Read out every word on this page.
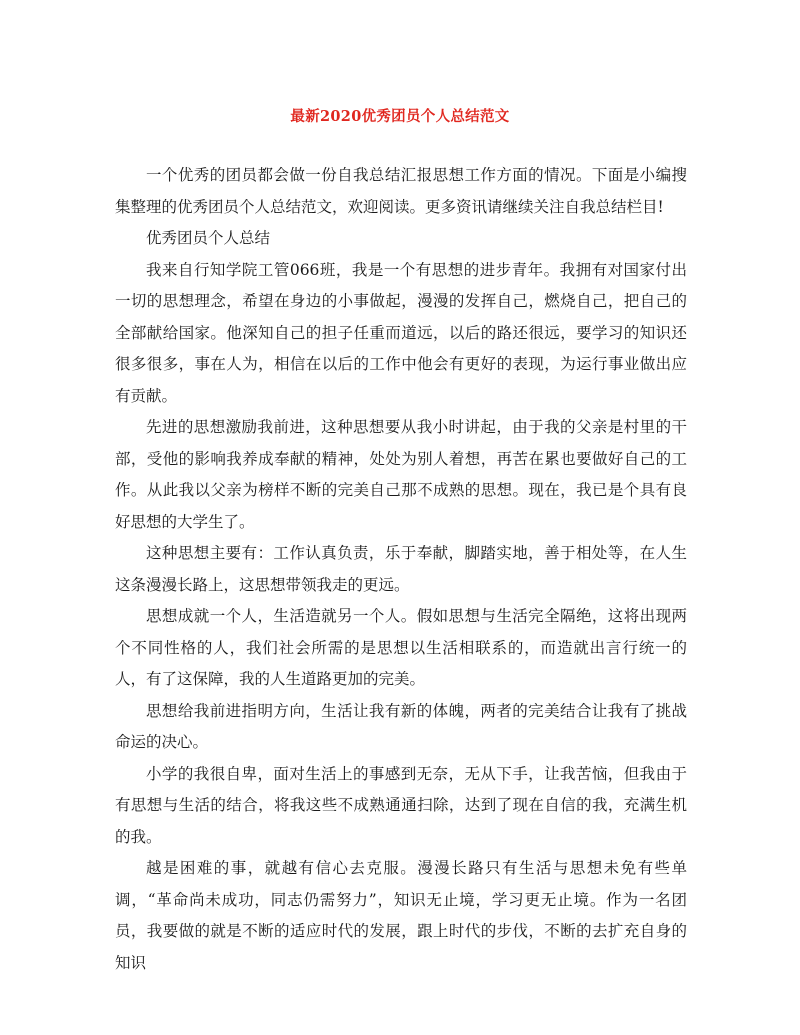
最新2020优秀团员个人总结范文

一个优秀的团员都会做一份自我总结汇报思想工作方面的情况。下面是小编搜集整理的优秀团员个人总结范文，欢迎阅读。更多资讯请继续关注自我总结栏目!

优秀团员个人总结

我来自行知学院工管066班，我是一个有思想的进步青年。我拥有对国家付出一切的思想理念，希望在身边的小事做起，漫漫的发挥自己，燃烧自己，把自己的全部献给国家。他深知自己的担子任重而道远，以后的路还很远，要学习的知识还很多很多，事在人为，相信在以后的工作中他会有更好的表现，为运行事业做出应有贡献。

先进的思想激励我前进，这种思想要从我小时讲起，由于我的父亲是村里的干部，受他的影响我养成奉献的精神，处处为别人着想，再苦在累也要做好自己的工作。从此我以父亲为榜样不断的完美自己那不成熟的思想。现在，我已是个具有良好思想的大学生了。

这种思想主要有：工作认真负责，乐于奉献，脚踏实地，善于相处等，在人生这条漫漫长路上，这思想带领我走的更远。

思想成就一个人，生活造就另一个人。假如思想与生活完全隔绝，这将出现两个不同性格的人，我们社会所需的是思想以生活相联系的，而造就出言行统一的人，有了这保障，我的人生道路更加的完美。

思想给我前进指明方向，生活让我有新的体魄，两者的完美结合让我有了挑战命运的决心。

小学的我很自卑，面对生活上的事感到无奈，无从下手，让我苦恼，但我由于有思想与生活的结合，将我这些不成熟通通扫除，达到了现在自信的我，充满生机的我。

越是困难的事，就越有信心去克服。漫漫长路只有生活与思想未免有些单调，“革命尚未成功，同志仍需努力”，知识无止境，学习更无止境。作为一名团员，我要做的就是不断的适应时代的发展，跟上时代的步伐，不断的去扩充自身的知识
